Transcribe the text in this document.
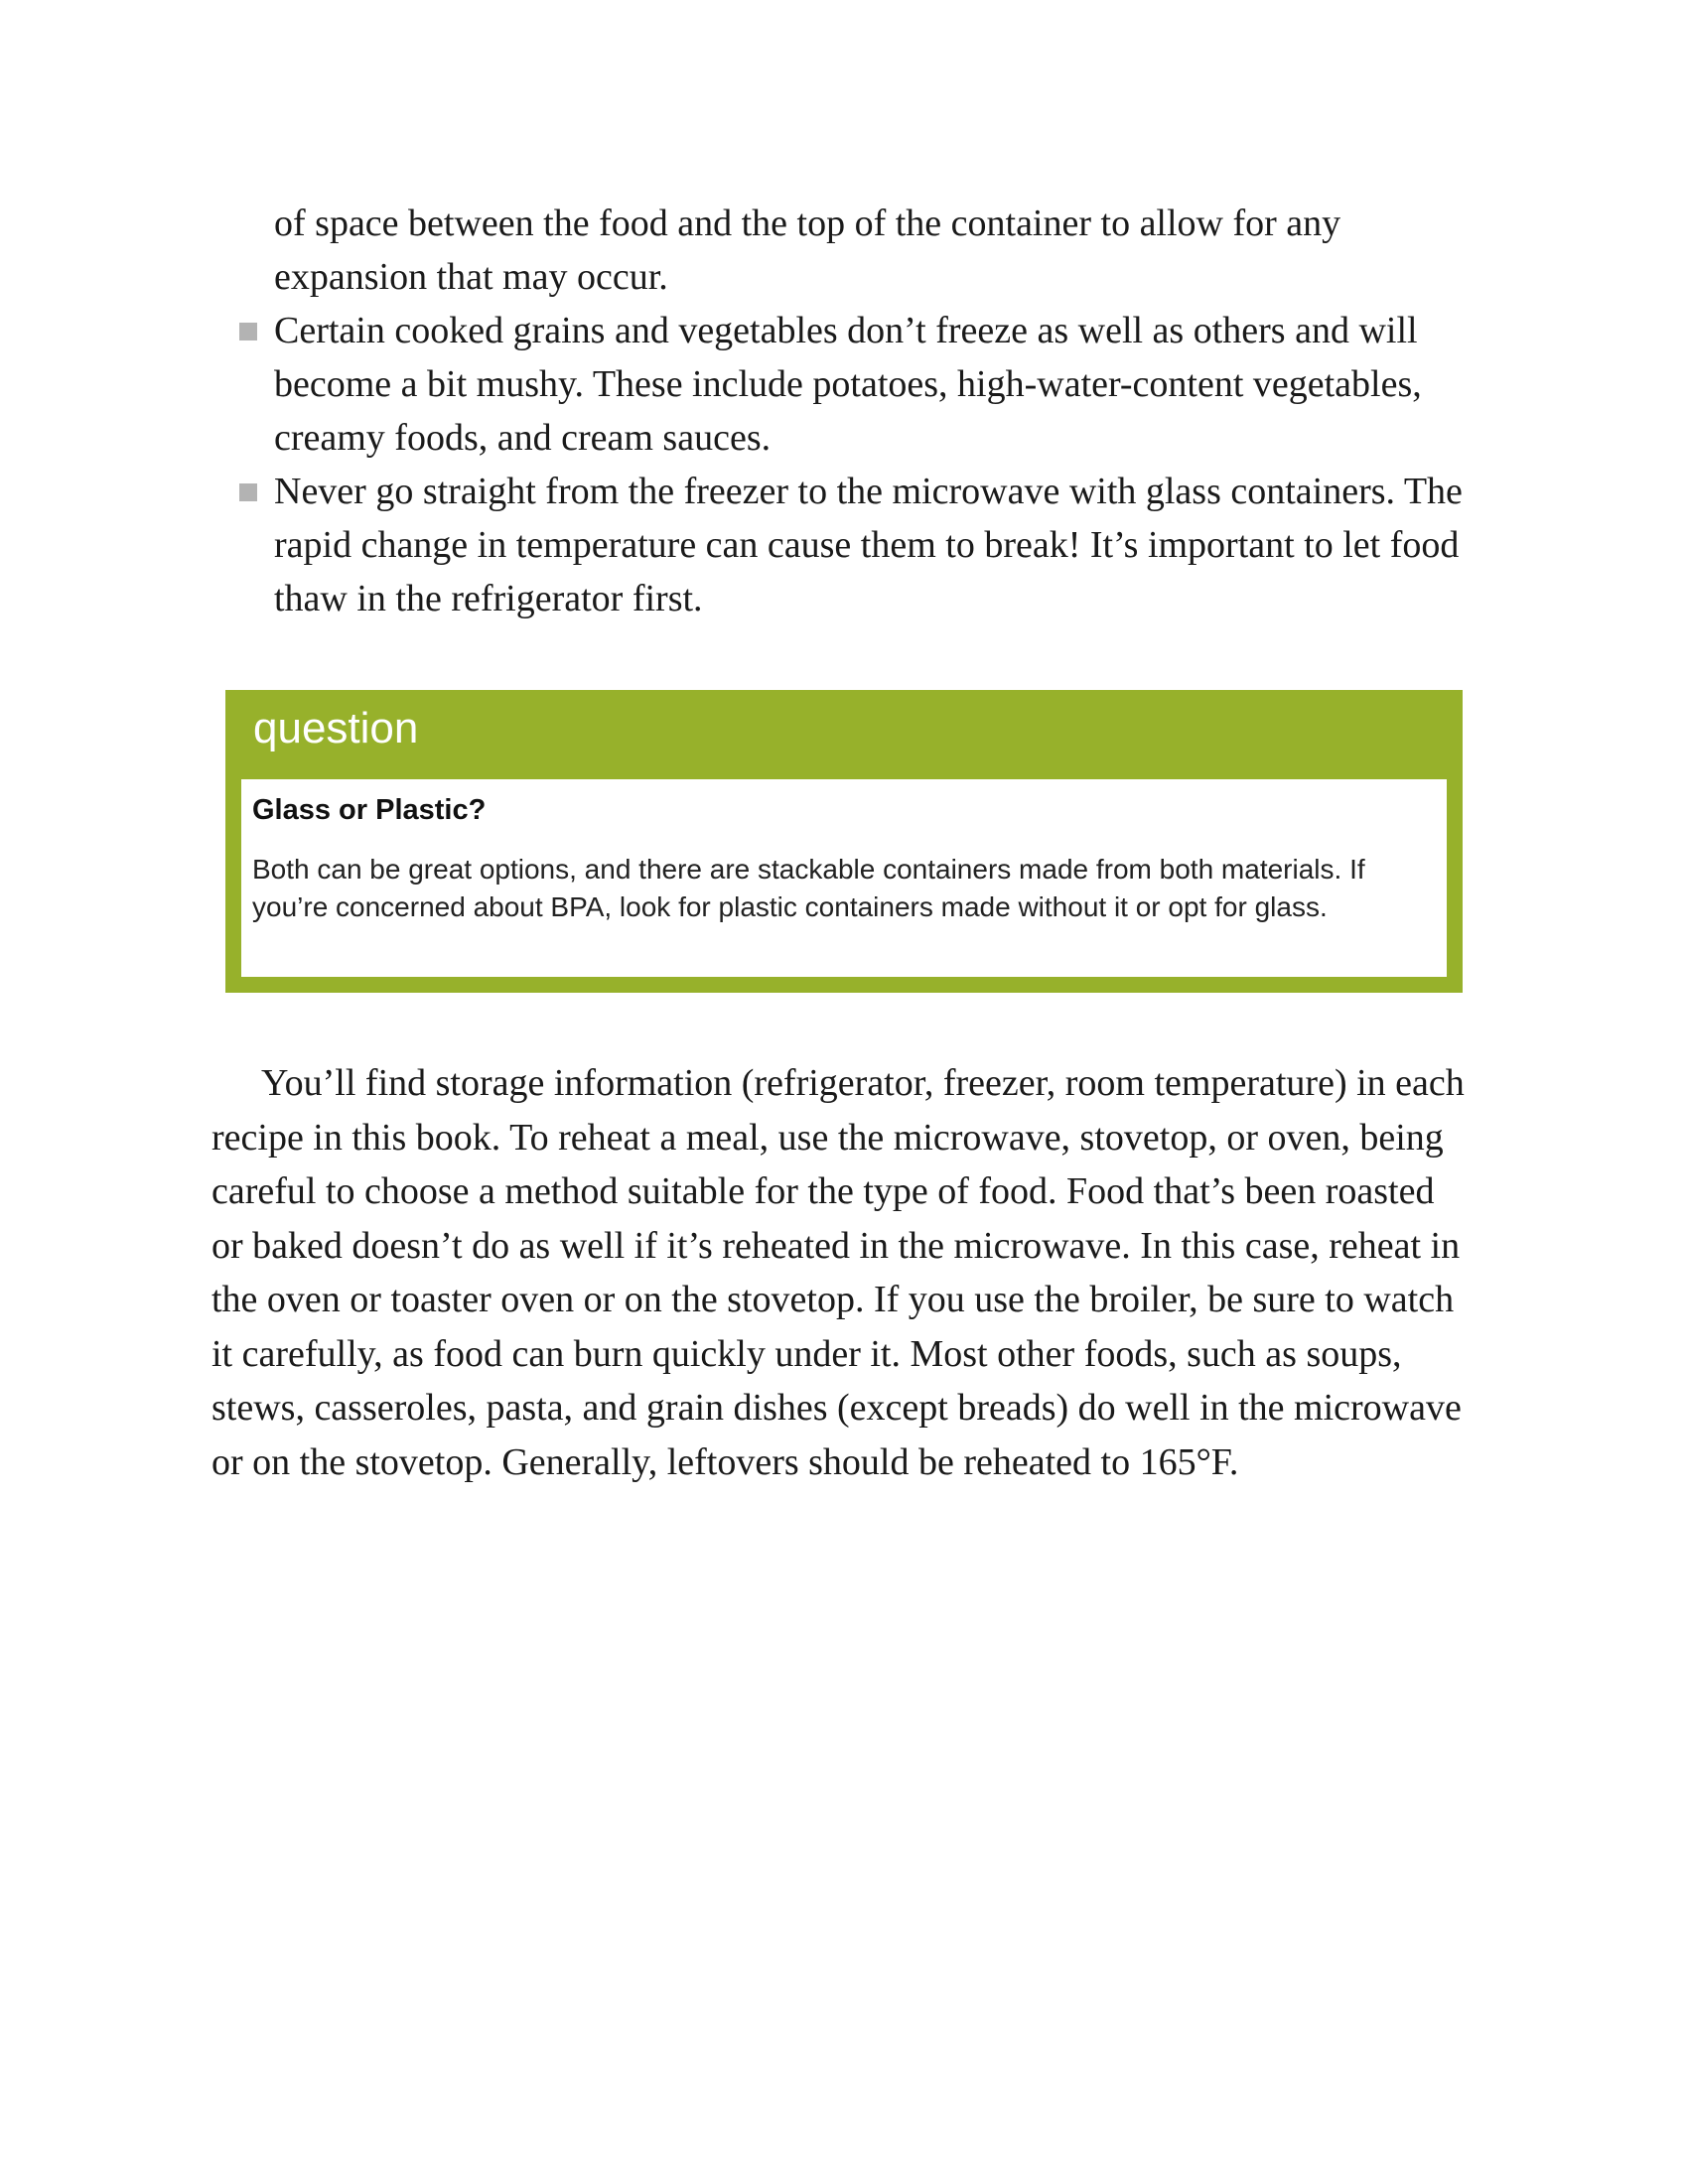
of space between the food and the top of the container to allow for any expansion that may occur.
Certain cooked grains and vegetables don’t freeze as well as others and will become a bit mushy. These include potatoes, high-water-content vegetables, creamy foods, and cream sauces.
Never go straight from the freezer to the microwave with glass containers. The rapid change in temperature can cause them to break! It’s important to let food thaw in the refrigerator first.
question

Glass or Plastic?

Both can be great options, and there are stackable containers made from both materials. If you’re concerned about BPA, look for plastic containers made without it or opt for glass.

You’ll find storage information (refrigerator, freezer, room temperature) in each recipe in this book. To reheat a meal, use the microwave, stovetop, or oven, being careful to choose a method suitable for the type of food. Food that’s been roasted or baked doesn’t do as well if it’s reheated in the microwave. In this case, reheat in the oven or toaster oven or on the stovetop. If you use the broiler, be sure to watch it carefully, as food can burn quickly under it. Most other foods, such as soups, stews, casseroles, pasta, and grain dishes (except breads) do well in the microwave or on the stovetop. Generally, leftovers should be reheated to 165°F.
